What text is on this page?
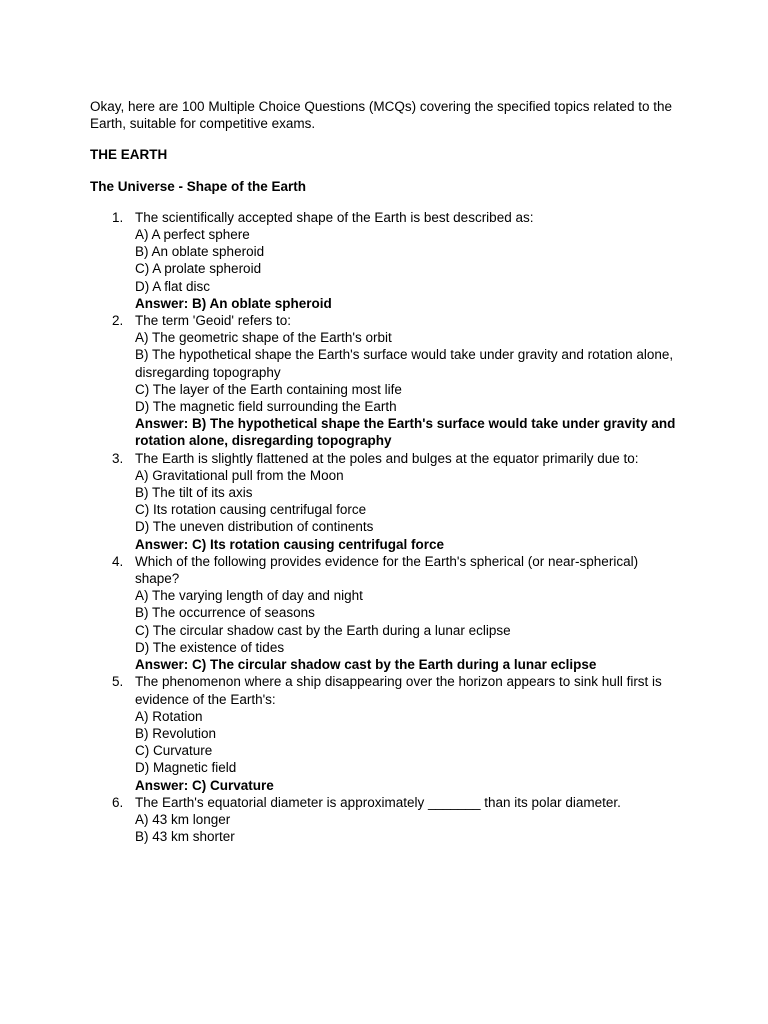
Okay, here are 100 Multiple Choice Questions (MCQs) covering the specified topics related to the Earth, suitable for competitive exams.

THE EARTH

The Universe - Shape of the Earth

1. The scientifically accepted shape of the Earth is best described as:
A) A perfect sphere
B) An oblate spheroid
C) A prolate spheroid
D) A flat disc
Answer: B) An oblate spheroid
2. The term 'Geoid' refers to:
A) The geometric shape of the Earth's orbit
B) The hypothetical shape the Earth's surface would take under gravity and rotation alone, disregarding topography
C) The layer of the Earth containing most life
D) The magnetic field surrounding the Earth
Answer: B) The hypothetical shape the Earth's surface would take under gravity and rotation alone, disregarding topography
3. The Earth is slightly flattened at the poles and bulges at the equator primarily due to:
A) Gravitational pull from the Moon
B) The tilt of its axis
C) Its rotation causing centrifugal force
D) The uneven distribution of continents
Answer: C) Its rotation causing centrifugal force
4. Which of the following provides evidence for the Earth's spherical (or near-spherical) shape?
A) The varying length of day and night
B) The occurrence of seasons
C) The circular shadow cast by the Earth during a lunar eclipse
D) The existence of tides
Answer: C) The circular shadow cast by the Earth during a lunar eclipse
5. The phenomenon where a ship disappearing over the horizon appears to sink hull first is evidence of the Earth's:
A) Rotation
B) Revolution
C) Curvature
D) Magnetic field
Answer: C) Curvature
6. The Earth's equatorial diameter is approximately _______ than its polar diameter.
A) 43 km longer
B) 43 km shorter
